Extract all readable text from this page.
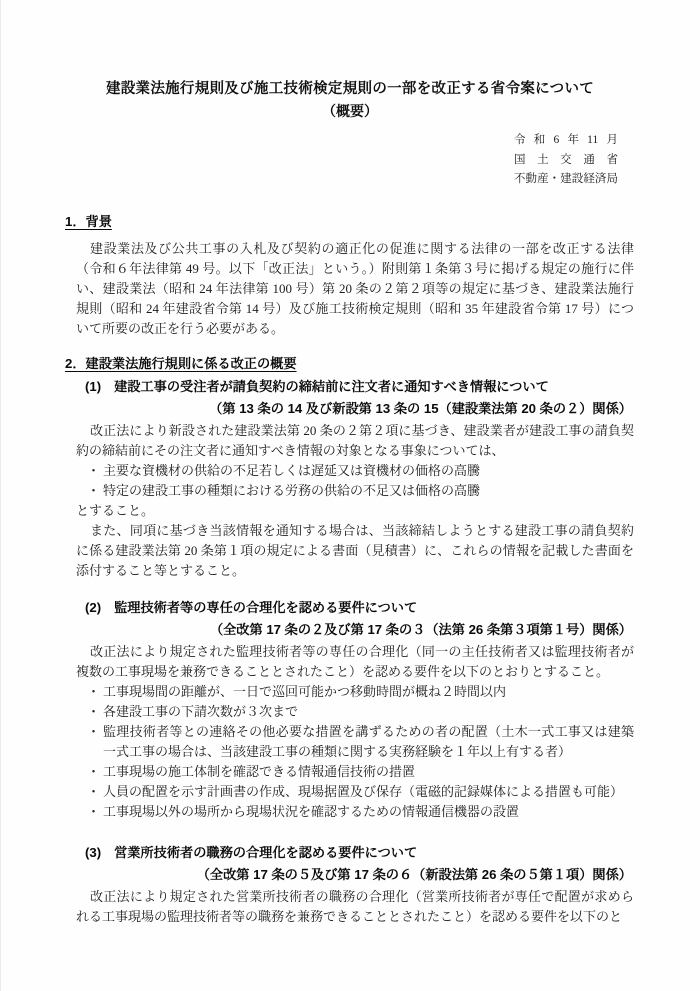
建設業法施行規則及び施工技術検定規則の一部を改正する省令案について
（概要）
令和6年11月
国土交通省
不動産・建設経済局
1．背景

建設業法及び公共工事の入札及び契約の適正化の促進に関する法律の一部を改正する法律（令和６年法律第 49 号。以下「改正法」という。）附則第１条第３号に掲げる規定の施行に伴い、建設業法（昭和 24 年法律第 100 号）第 20 条の２第２項等の規定に基づき、建設業法施行規則（昭和 24 年建設省令第 14 号）及び施工技術検定規則（昭和 35 年建設省令第 17 号）について所要の改正を行う必要がある。

2．建設業法施行規則に係る改正の概要
(1) 建設工事の受注者が請負契約の締結前に注文者に通知すべき情報について
（第 13 条の 14 及び新設第 13 条の 15（建設業法第 20 条の２）関係）

改正法により新設された建設業法第 20 条の２第２項に基づき、建設業者が建設工事の請負契約の締結前にその注文者に通知すべき情報の対象となる事象については、

・ 主要な資機材の供給の不足若しくは遅延又は資機材の価格の高騰
・ 特定の建設工事の種類における労務の供給の不足又は価格の高騰

とすること。

また、同項に基づき当該情報を通知する場合は、当該締結しようとする建設工事の請負契約に係る建設業法第 20 条第１項の規定による書面（見積書）に、これらの情報を記載した書面を添付すること等とすること。

(2) 監理技術者等の専任の合理化を認める要件について
（全改第 17 条の２及び第 17 条の３（法第 26 条第３項第１号）関係）

改正法により規定された監理技術者等の専任の合理化（同一の主任技術者又は監理技術者が複数の工事現場を兼務できることとされたこと）を認める要件を以下のとおりとすること。

・ 工事現場間の距離が、一日で巡回可能かつ移動時間が概ね２時間以内
・ 各建設工事の下請次数が３次まで
・ 監理技術者等との連絡その他必要な措置を講ずるための者の配置（土木一式工事又は建築一式工事の場合は、当該建設工事の種類に関する実務経験を１年以上有する者）
・ 工事現場の施工体制を確認できる情報通信技術の措置
・ 人員の配置を示す計画書の作成、現場据置及び保存（電磁的記録媒体による措置も可能）
・ 工事現場以外の場所から現場状況を確認するための情報通信機器の設置
(3) 営業所技術者の職務の合理化を認める要件について
（全改第 17 条の５及び第 17 条の６（新設法第 26 条の５第１項）関係）

改正法により規定された営業所技術者の職務の合理化（営業所技術者が専任で配置が求められる工事現場の監理技術者等の職務を兼務できることとされたこと）を認める要件を以下のと
